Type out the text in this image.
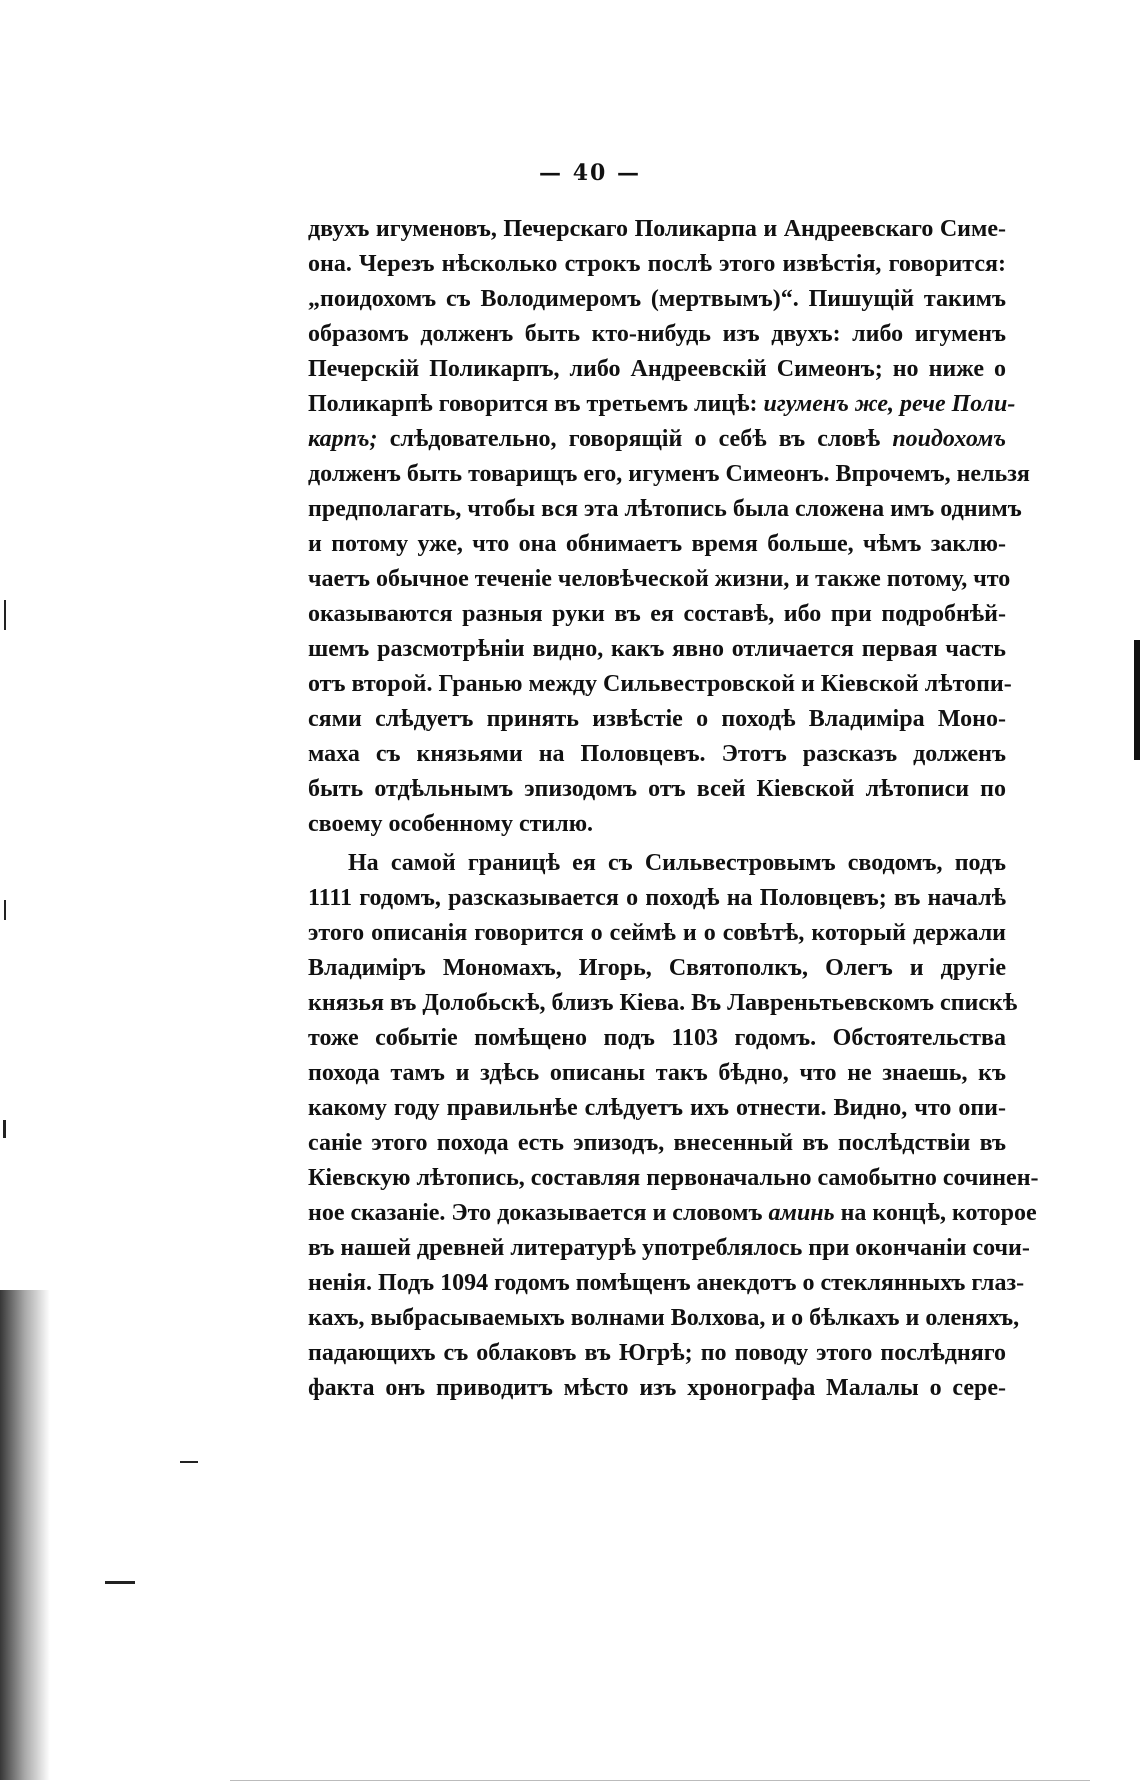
— 40 —
двухъ игуменовъ, Печерскаго Поликарпа и Андреевскаго Симе-
она. Черезъ нѣсколько строкъ послѣ этого извѣстія, говорится:
„поидохомъ съ Володимеромъ (мертвымъ)“. Пишущій такимъ
образомъ долженъ быть кто-нибудь изъ двухъ: либо игуменъ
Печерскій Поликарпъ, либо Андреевскій Симеонъ; но ниже о
Поликарпѣ говорится въ третьемъ лицѣ: игуменъ же, рече Поли-
карпъ; слѣдовательно, говорящій о себѣ въ словѣ поидохомъ
долженъ быть товарищъ его, игуменъ Симеонъ. Впрочемъ, нельзя
предполагать, чтобы вся эта лѣтопись была сложена имъ однимъ
и потому уже, что она обнимаетъ время больше, чѣмъ заклю-
чаетъ обычное теченіе человѣческой жизни, и также потому, что
оказываются разныя руки въ ея составѣ, ибо при подробнѣй-
шемъ разсмотрѣніи видно, какъ явно отличается первая часть
отъ второй. Гранью между Сильвестровской и Кіевской лѣтопи-
сями слѣдуетъ принять извѣстіе о походѣ Владиміра Моно-
маха съ князьями на Половцевъ. Этотъ разсказъ долженъ
быть отдѣльнымъ эпизодомъ отъ всей Кіевской лѣтописи по
своему особенному стилю.
На самой границѣ ея съ Сильвестровымъ сводомъ, подъ
1111 годомъ, разсказывается о походѣ на Половцевъ; въ началѣ
этого описанія говорится о сеймѣ и о совѣтѣ, который держали
Владиміръ Мономахъ, Игорь, Святополкъ, Олегъ и другіе
князья въ Долобьскѣ, близъ Кіева. Въ Лавреньтьевскомъ спискѣ
тоже событіе помѣщено подъ 1103 годомъ. Обстоятельства
похода тамъ и здѣсь описаны такъ бѣдно, что не знаешь, къ
какому году правильнѣе слѣдуетъ ихъ отнести. Видно, что опи-
саніе этого похода есть эпизодъ, внесенный въ послѣдствіи въ
Кіевскую лѣтопись, составляя первоначально самобытно сочинен-
ное сказаніе. Это доказывается и словомъ аминь на концѣ, которое
въ нашей древней литературѣ употреблялось при окончаніи сочи-
ненія. Подъ 1094 годомъ помѣщенъ анекдотъ о стеклянныхъ глаз-
кахъ, выбрасываемыхъ волнами Волхова, и о бѣлкахъ и оленяхъ,
падающихъ съ облаковъ въ Югрѣ; по поводу этого послѣдняго
факта онъ приводитъ мѣсто изъ хронографа Малалы о сере-
